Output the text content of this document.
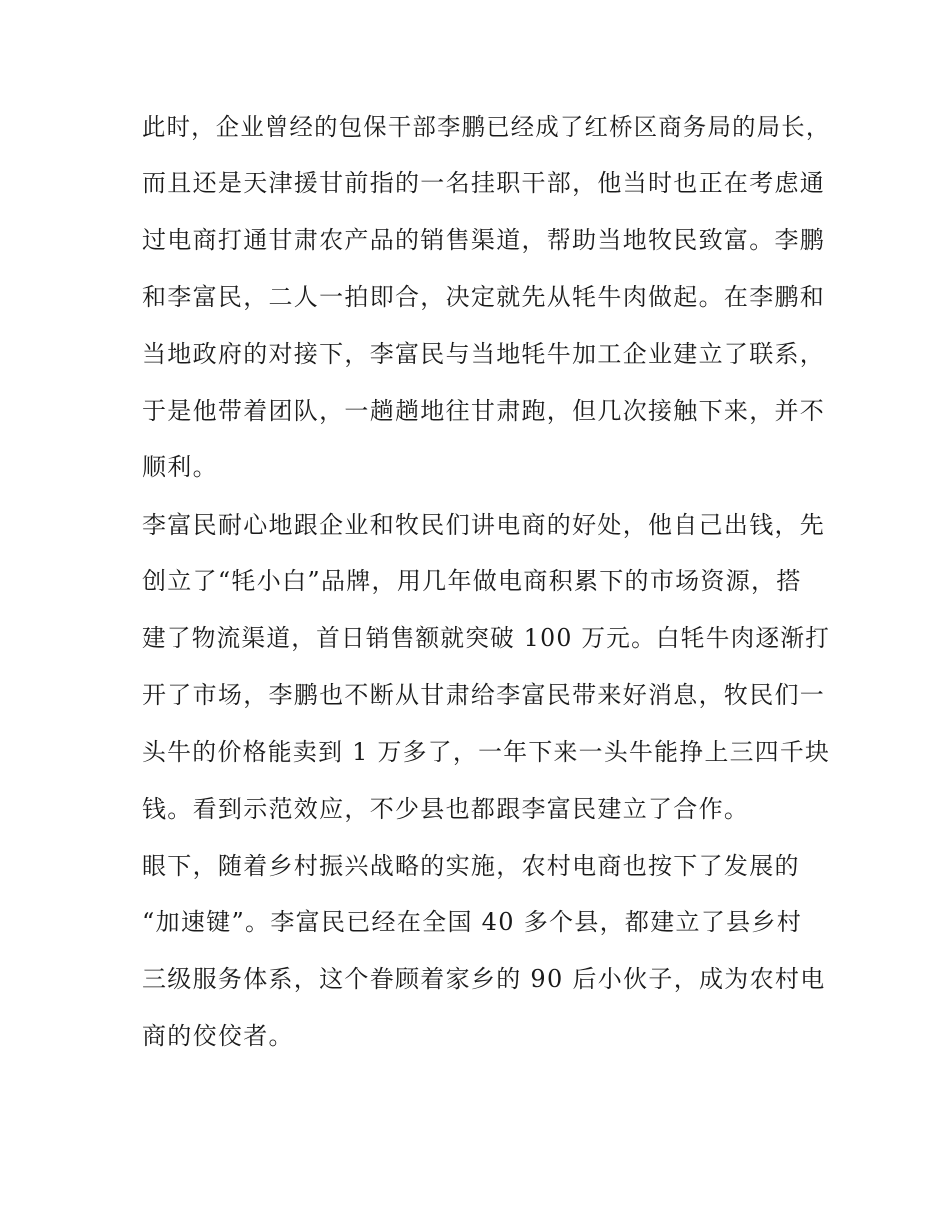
此时，企业曾经的包保干部李鹏已经成了红桥区商务局的局长，
而且还是天津援甘前指的一名挂职干部，他当时也正在考虑通
过电商打通甘肃农产品的销售渠道，帮助当地牧民致富。李鹏
和李富民，二人一拍即合，决定就先从牦牛肉做起。在李鹏和
当地政府的对接下，李富民与当地牦牛加工企业建立了联系，
于是他带着团队，一趟趟地往甘肃跑，但几次接触下来，并不
顺利。
李富民耐心地跟企业和牧民们讲电商的好处，他自己出钱，先
创立了“牦小白”品牌，用几年做电商积累下的市场资源，搭
建了物流渠道，首日销售额就突破 100 万元。白牦牛肉逐渐打
开了市场，李鹏也不断从甘肃给李富民带来好消息，牧民们一
头牛的价格能卖到 1 万多了，一年下来一头牛能挣上三四千块
钱。看到示范效应，不少县也都跟李富民建立了合作。
眼下，随着乡村振兴战略的实施，农村电商也按下了发展的
“加速键”。李富民已经在全国 40 多个县，都建立了县乡村
三级服务体系，这个眷顾着家乡的 90 后小伙子，成为农村电
商的佼佼者。
